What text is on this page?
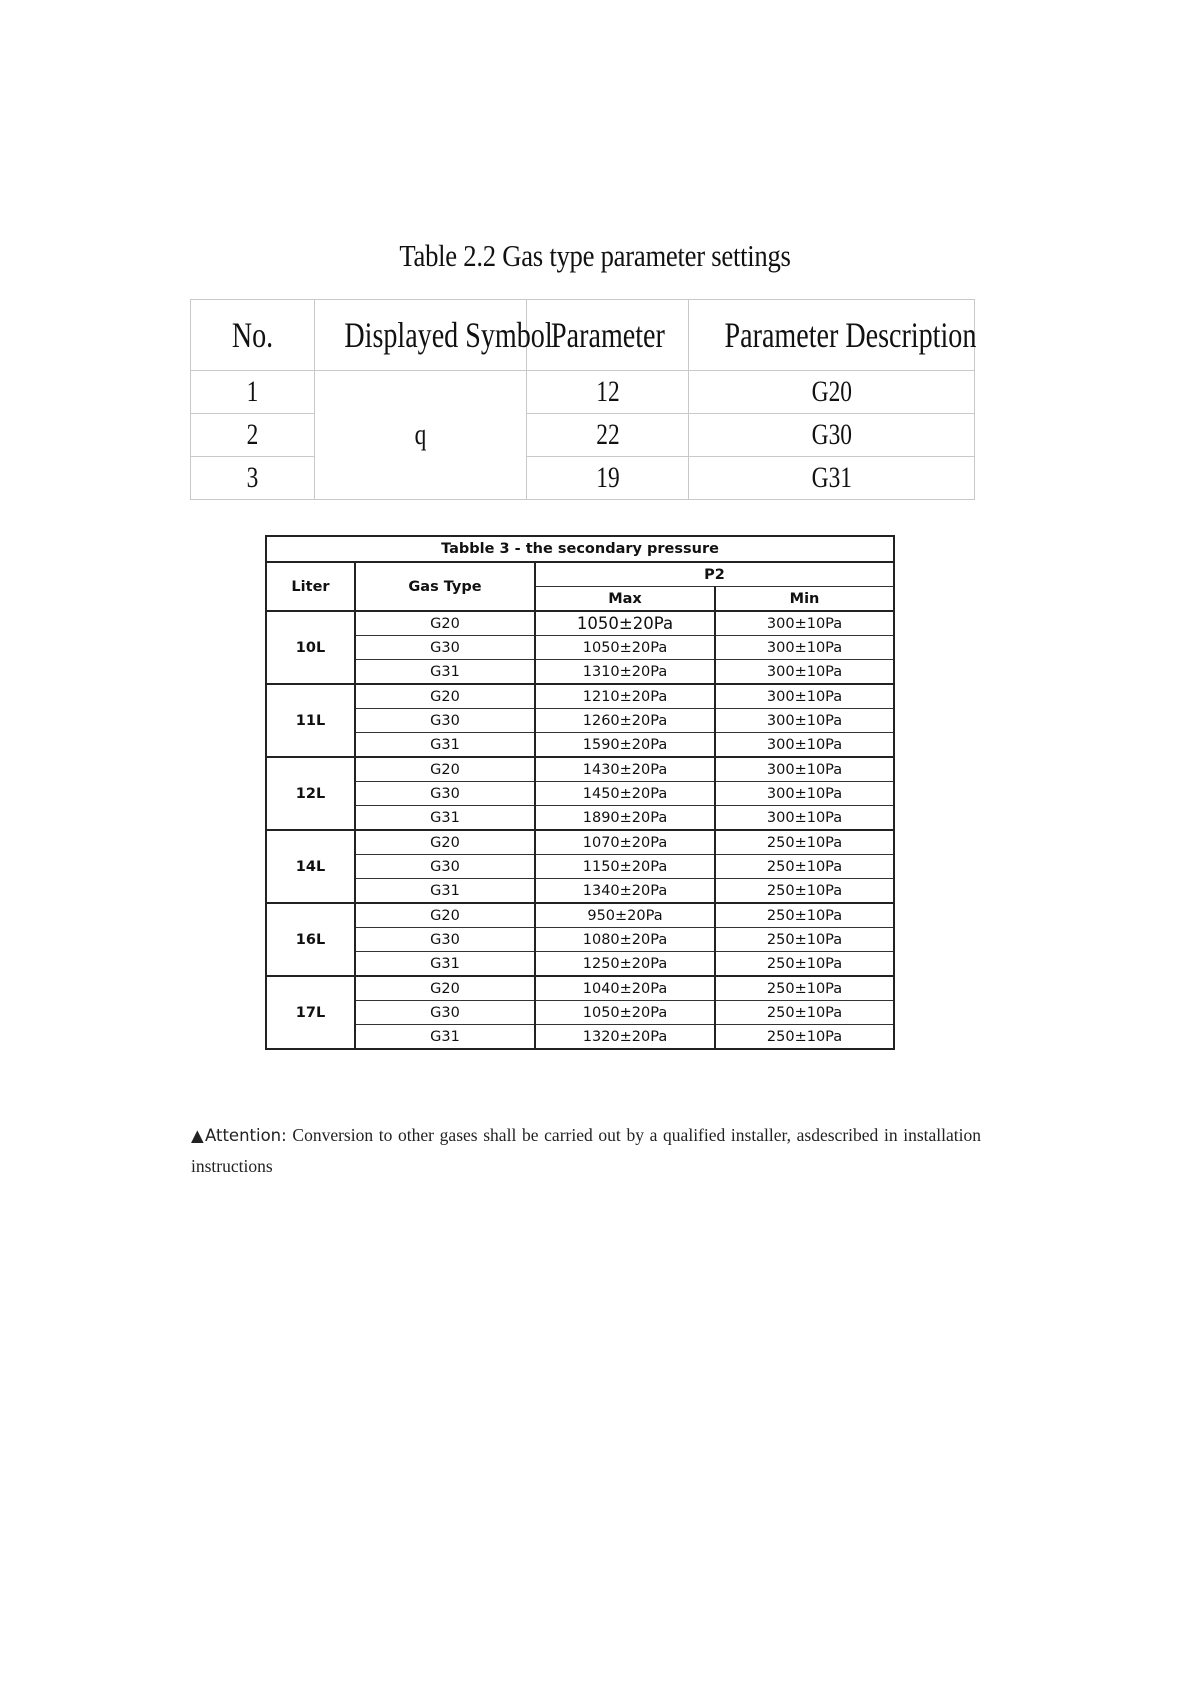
Table 2.2 Gas type parameter settings
No.	Displayed Symbol	Parameter	Parameter Description
1	q	12	G20
2		22	G30
3		19	G31
Tabble 3 - the secondary pressure			
Liter	Gas Type	P2	
		Max	Min
10L	G20	1050±20Pa	300±10Pa
	G30	1050±20Pa	300±10Pa
	G31	1310±20Pa	300±10Pa
11L	G20	1210±20Pa	300±10Pa
	G30	1260±20Pa	300±10Pa
	G31	1590±20Pa	300±10Pa
12L	G20	1430±20Pa	300±10Pa
	G30	1450±20Pa	300±10Pa
	G31	1890±20Pa	300±10Pa
14L	G20	1070±20Pa	250±10Pa
	G30	1150±20Pa	250±10Pa
	G31	1340±20Pa	250±10Pa
16L	G20	950±20Pa	250±10Pa
	G30	1080±20Pa	250±10Pa
	G31	1250±20Pa	250±10Pa
17L	G20	1040±20Pa	250±10Pa
	G30	1050±20Pa	250±10Pa
	G31	1320±20Pa	250±10Pa
▲Attention: Conversion to other gases shall be carried out by a qualified installer, asdescribed in installation instructions
